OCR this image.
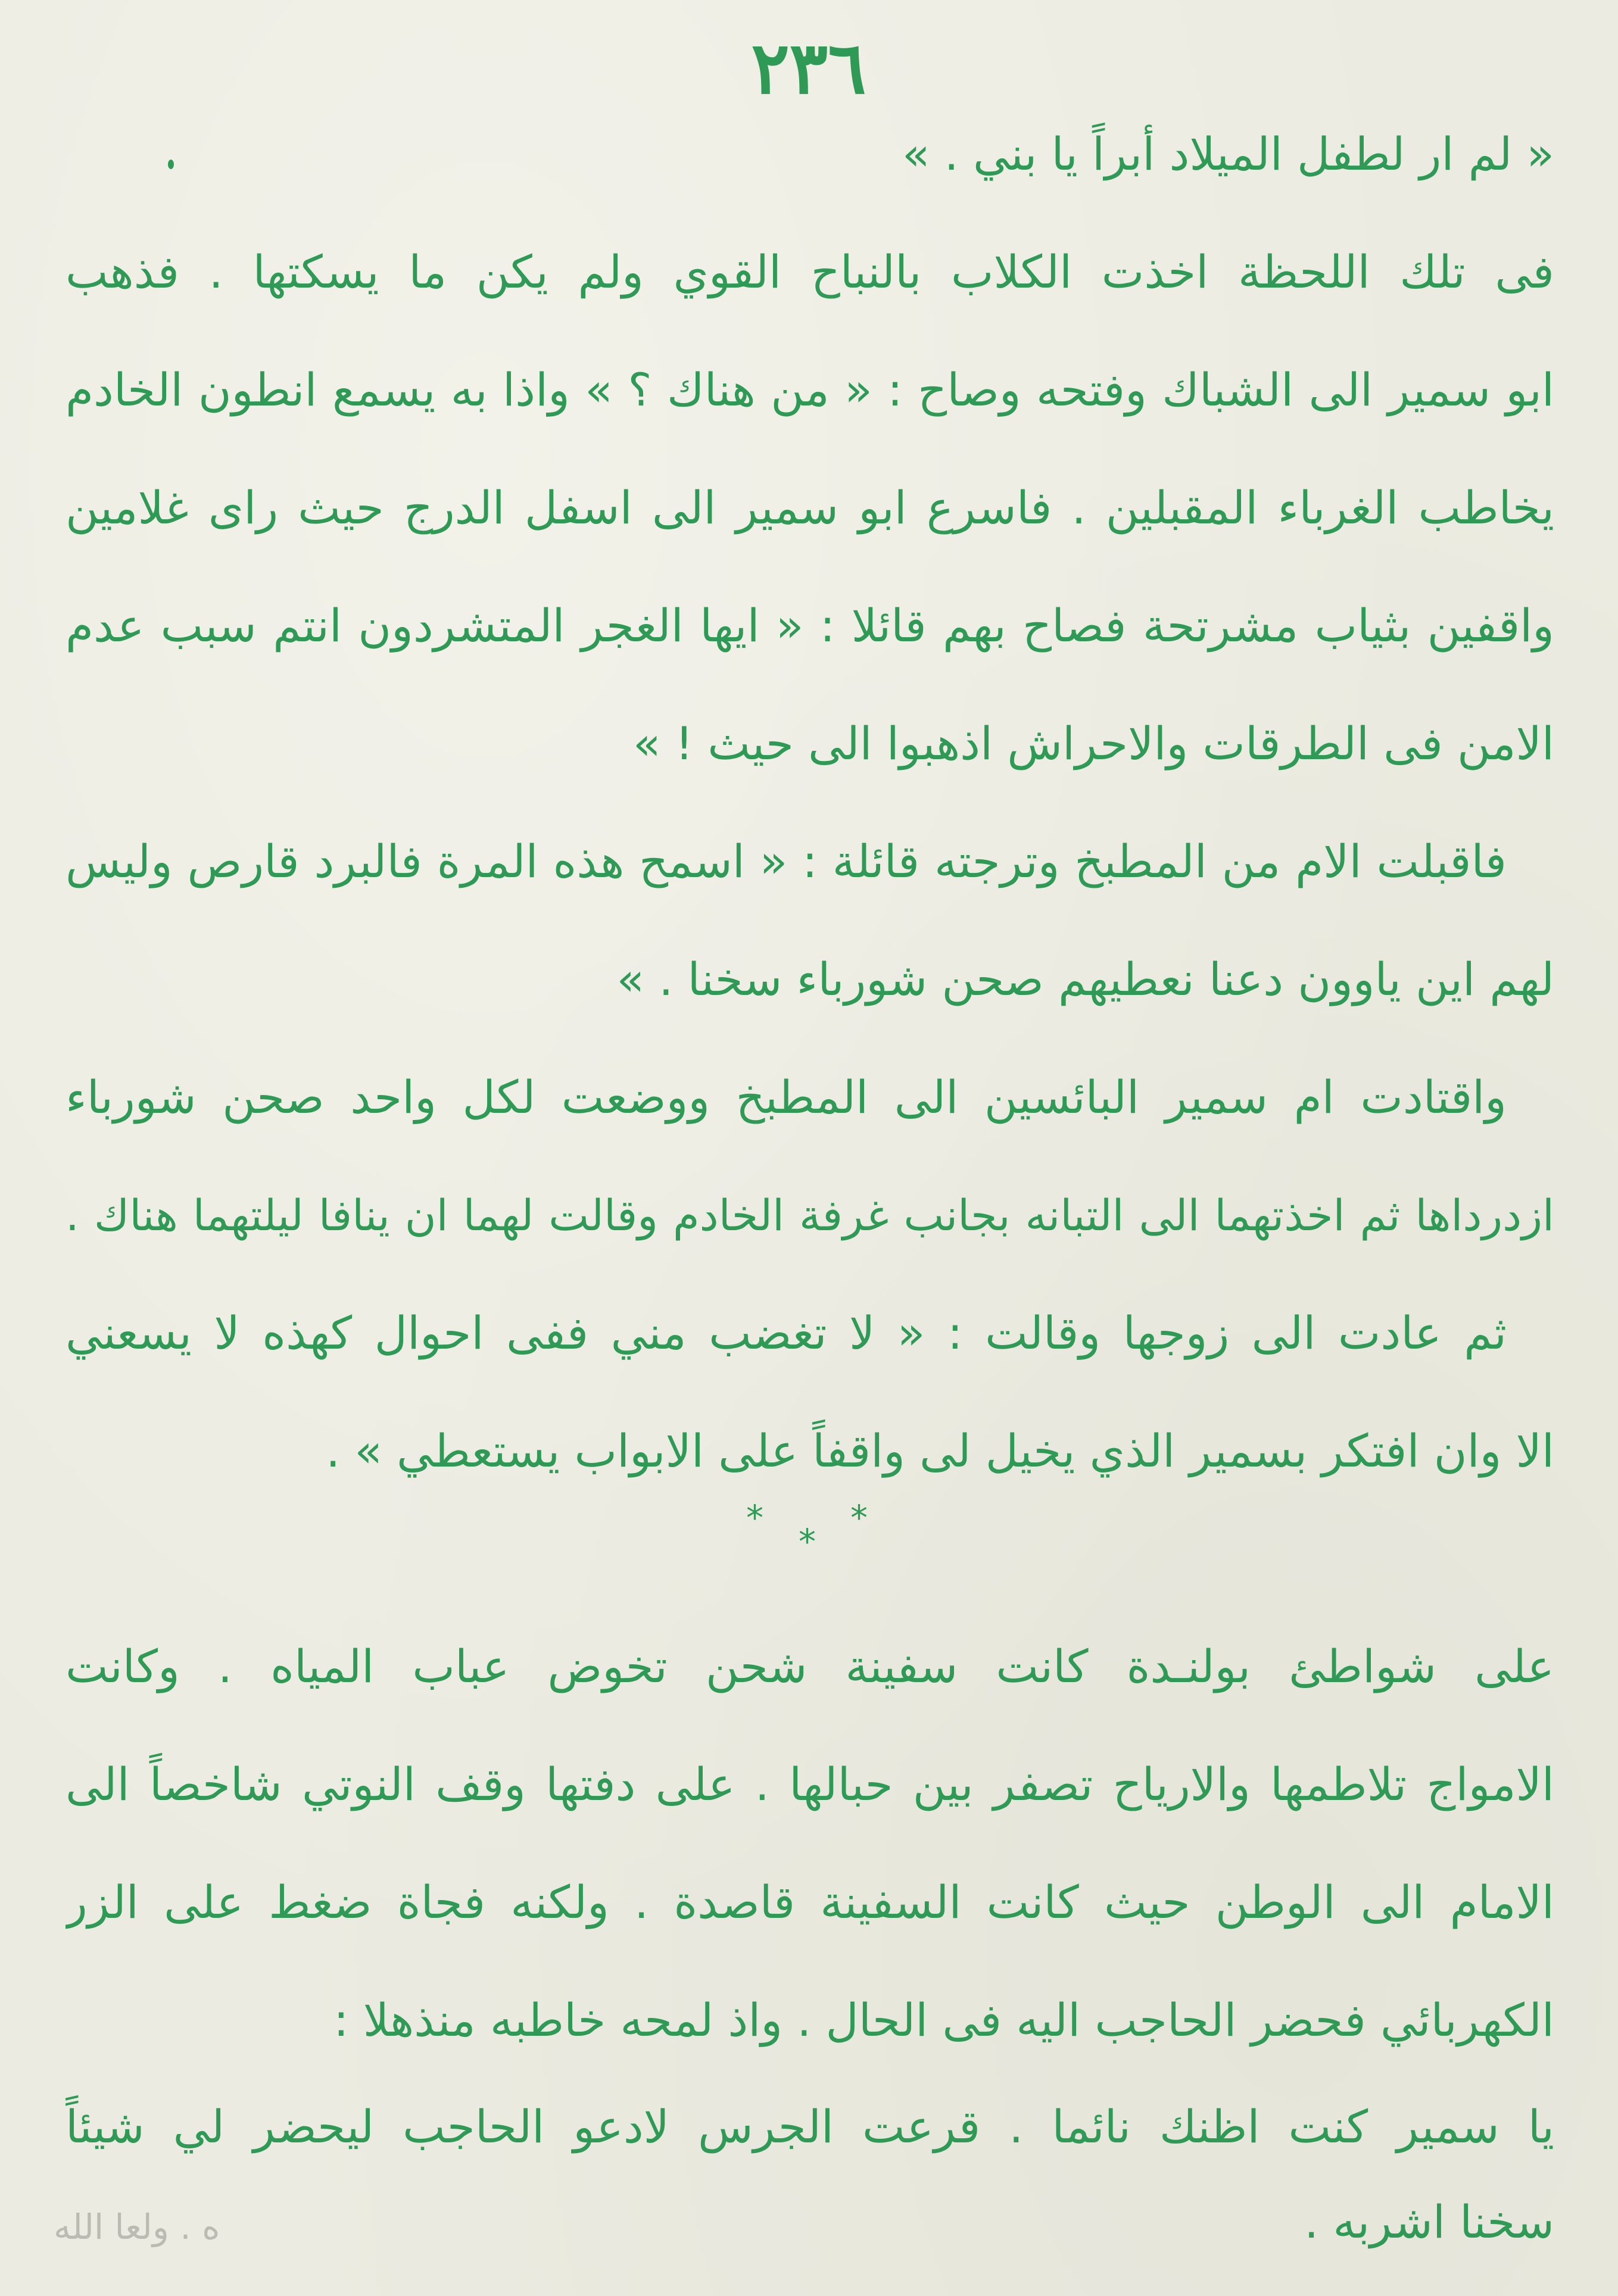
٢٣٦
« لم ار لطفل الميلاد أبراً يا بني . »
فى تلك اللحظة اخذت الكلاب بالنباح القوي ولم يكن ما يسكتها . فذهب
ابو سمير الى الشباك وفتحه وصاح : « من هناك ؟ » واذا به يسمع انطون الخادم
يخاطب الغرباء المقبلين . فاسرع ابو سمير الى اسفل الدرج حيث راى غلامين
واقفين بثياب مشرتحة فصاح بهم قائلا : « ايها الغجر المتشردون انتم سبب عدم
الامن فى الطرقات والاحراش اذهبوا الى حيث ! »
فاقبلت الام من المطبخ وترجته قائلة : « اسمح هذه المرة فالبرد قارص وليس
لهم اين ياوون دعنا نعطيهم صحن شورباء سخنا . »
واقتادت ام سمير البائسين الى المطبخ ووضعت لكل واحد صحن شورباء
ازدرداها ثم اخذتهما الى التبانه بجانب غرفة الخادم وقالت لهما ان ينافا ليلتهما هناك .
ثم عادت الى زوجها وقالت : « لا تغضب مني ففى احوال كهذه لا يسعني
الا وان افتكر بسمير الذي يخيل لى واقفاً على الابواب يستعطي » .
*
*
*
على شواطئ بولنـدة كانت سفينة شحن تخوض عباب المياه . وكانت
الامواج تلاطمها والارياح تصفر بين حبالها . على دفتها وقف النوتي شاخصاً الى
الامام الى الوطن حيث كانت السفينة قاصدة . ولكنه فجاة ضغط على الزر
الكهربائي فحضر الحاجب اليه فى الحال . واذ لمحه خاطبه منذهلا :
يا سمير كنت اظنك نائما . قرعت الجرس لادعو الحاجب ليحضر لي شيئاً
سخنا اشربه .
ه . ولعا الله
